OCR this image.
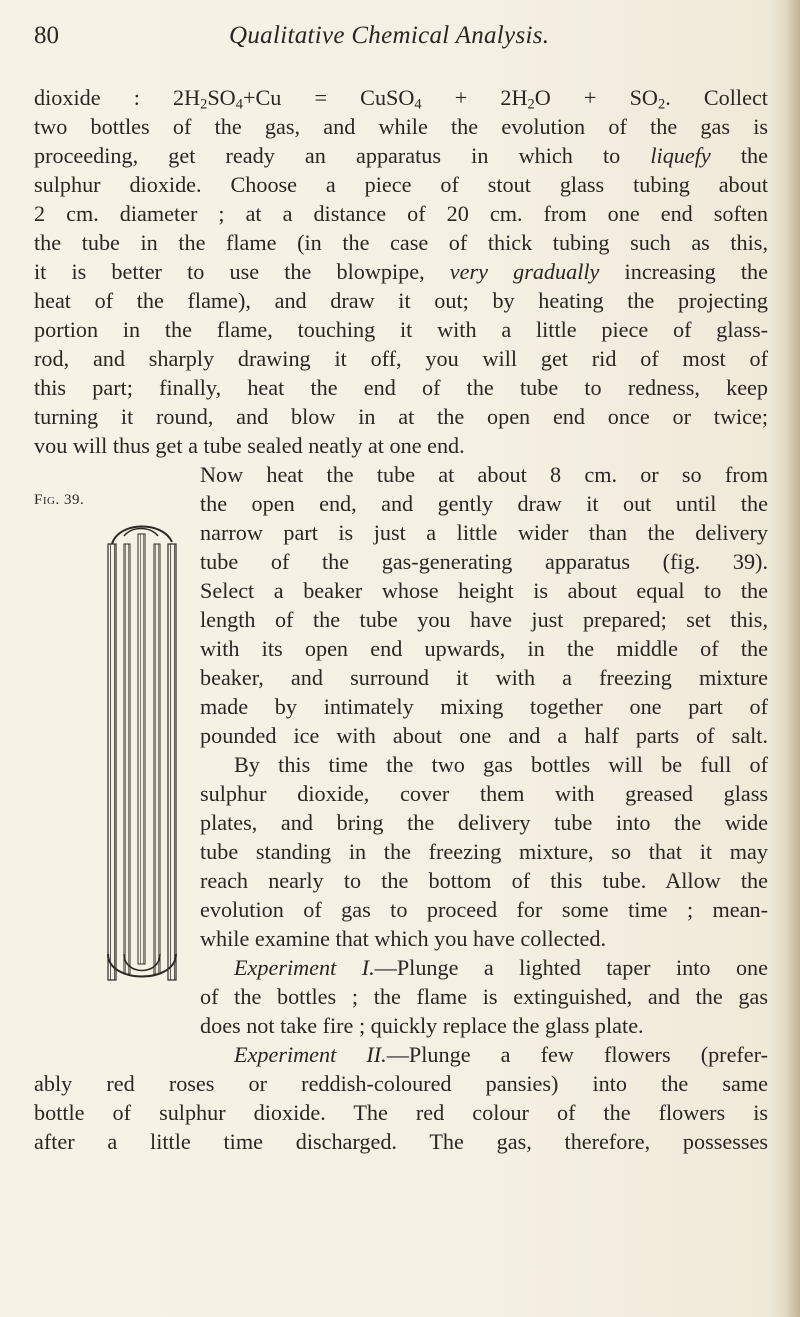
80	Qualitative Chemical Analysis.
dioxide : $2H_2SO_4+Cu$ = CuSO$_4$ + $2H_2O + SO_2$. Collect
two bottles of the gas, and while the evolution of the gas is
proceeding, get ready an apparatus in which to liquefy the
sulphur dioxide. Choose a piece of stout glass tubing about
2 cm. diameter ; at a distance of 20 cm. from one end soften
the tube in the flame (in the case of thick tubing such as this,
it is better to use the blowpipe, very gradually increasing the
heat of the flame), and draw it out; by heating the projecting
portion in the flame, touching it with a little piece of glass-
rod, and sharply drawing it off, you will get rid of most of
this part; finally, heat the end of the tube to redness, keep
turning it round, and blow in at the open end once or twice;
vou will thus get a tube sealed neatly at one end.
Now heat the tube at about 8 cm. or so from
Fig. 39.	the open end, and gently draw it out until the
narrow part is just a little wider than the delivery
tube of the gas-generating apparatus (fig. 39).
Select a beaker whose height is about equal to the
length of the tube you have just prepared; set this,
with its open end upwards, in the middle of the
beaker, and surround it with a freezing mixture
made by intimately mixing together one part of
pounded ice with about one and a half parts of salt.
By this time the two gas bottles will be full of
sulphur dioxide, cover them with greased glass
plates, and bring the delivery tube into the wide
tube standing in the freezing mixture, so that it may
reach nearly to the bottom of this tube. Allow the
evolution of gas to proceed for some time ; mean-
while examine that which you have collected.
Experiment I.—Plunge a lighted taper into one
of the bottles ; the flame is extinguished, and the gas
does not take fire ; quickly replace the glass plate.
Experiment II.—Plunge a few flowers (prefer-
ably red roses or reddish-coloured pansies) into the same
bottle of sulphur dioxide. The red colour of the flowers is
after a little time discharged. The gas, therefore, possesses
